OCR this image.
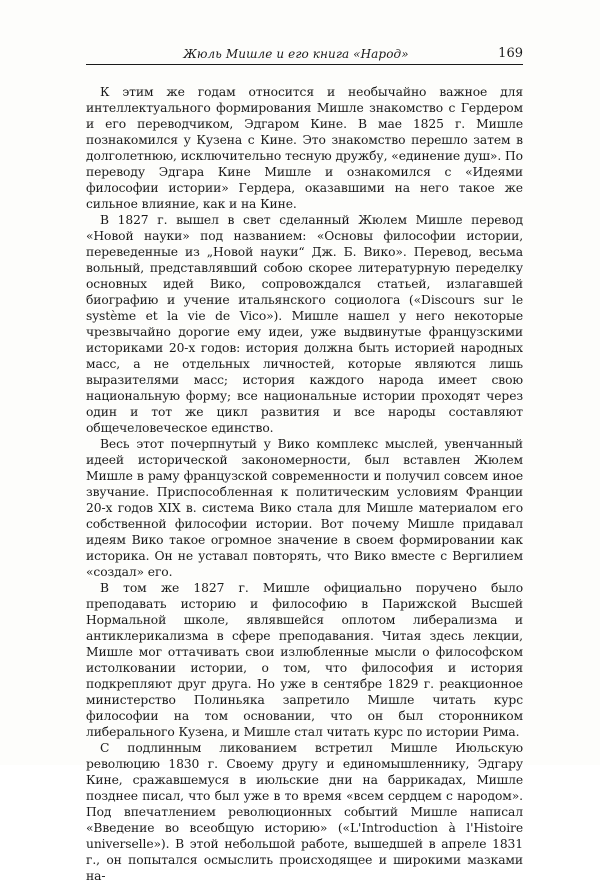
Жюль Мишле и его книга «Народ»	169

К этим же годам относится и необычайно важное для интеллектуального формирования Мишле знакомство с Гердером и его переводчиком, Эдгаром Кине. В мае 1825 г. Мишле познакомился у Кузена с Кине. Это знакомство перешло затем в долголетнюю, исключительно тесную дружбу, «единение душ». По переводу Эдгара Кине Мишле и ознакомился с «Идеями философии истории» Гердера, оказавшими на него такое же сильное влияние, как и на Кине.

В 1827 г. вышел в свет сделанный Жюлем Мишле перевод «Новой науки» под названием: «Основы философии истории, переведенные из „Новой науки“ Дж. Б. Вико». Перевод, весьма вольный, представлявший собою скорее литературную переделку основных идей Вико, сопровождался статьей, излагавшей биографию и учение итальянского социолога («Discours sur le système et la vie de Vico»). Мишле нашел у него некоторые чрезвычайно дорогие ему идеи, уже выдвинутые французскими историками 20-х годов: история должна быть историей народных масс, а не отдельных личностей, которые являются лишь выразителями масс; история каждого народа имеет свою национальную форму; все национальные истории проходят через один и тот же цикл развития и все народы составляют общечеловеческое единство.

Весь этот почерпнутый у Вико комплекс мыслей, увенчанный идеей исторической закономерности, был вставлен Жюлем Мишле в раму французской современности и получил совсем иное звучание. Приспособленная к политическим условиям Франции 20-х годов XIX в. система Вико стала для Мишле материалом его собственной философии истории. Вот почему Мишле придавал идеям Вико такое огромное значение в своем формировании как историка. Он не уставал повторять, что Вико вместе с Вергилием «создал» его.

В том же 1827 г. Мишле официально поручено было преподавать историю и философию в Парижской Высшей Нормальной школе, являвшейся оплотом либерализма и антиклерикализма в сфере преподавания. Читая здесь лекции, Мишле мог оттачивать свои излюбленные мысли о философском истолковании истории, о том, что философия и история подкрепляют друг друга. Но уже в сентябре 1829 г. реакционное министерство Полиньяка запретило Мишле читать курс философии на том основании, что он был сторонником либерального Кузена, и Мишле стал читать курс по истории Рима.

С подлинным ликованием встретил Мишле Июльскую революцию 1830 г. Своему другу и единомышленнику, Эдгару Кине, сражавшемуся в июльские дни на баррикадах, Мишле позднее писал, что был уже в то время «всем сердцем с народом». Под впечатлением революционных событий Мишле написал «Введение во всеобщую историю» («L'Introduction à l'Histoire universelle»). В этой небольшой работе, вышедшей в апреле 1831 г., он попытался осмыслить происходящее и широкими мазками на-
